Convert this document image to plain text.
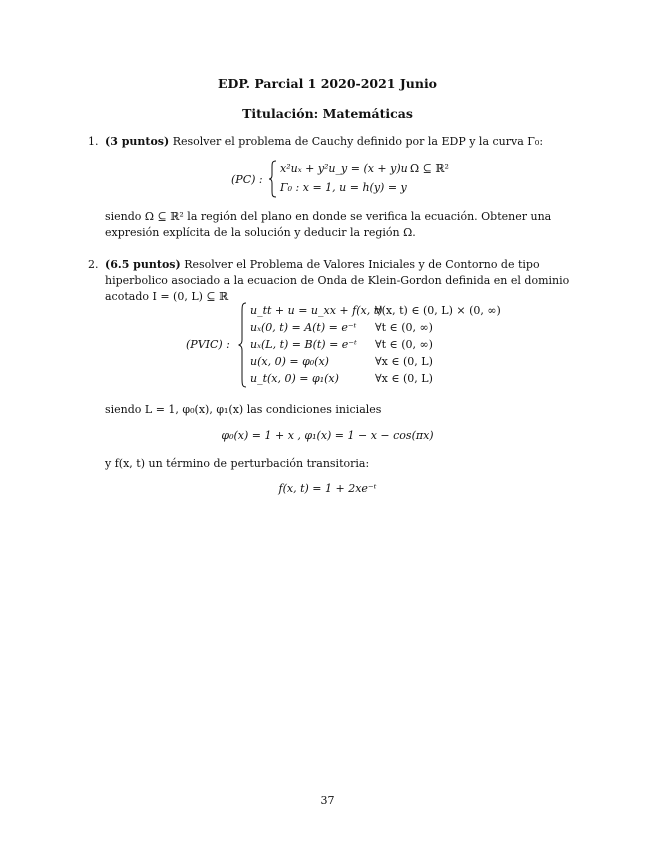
EDP. Parcial 1 2020-2021 Junio
Titulación: Matemáticas
1. (3 puntos) Resolver el problema de Cauchy definido por la EDP y la curva Γ₀:
(PC) :
x²uₓ + y²u_y = (x + y)u Ω ⊆ ℝ²
Γ₀ : x = 1, u = h(y) = y
siendo Ω ⊆ ℝ² la región del plano en donde se verifica la ecuación. Obtener una expresión explícita de la solución y deducir la región Ω.
2. (6.5 puntos) Resolver el Problema de Valores Iniciales y de Contorno de tipo hiperbolico asociado a la ecuacion de Onda de Klein-Gordon definida en el dominio acotado I = (0, L) ⊆ ℝ
(PVIC) :
u_tt + u = u_xx + f(x, t)
∀(x, t) ∈ (0, L) × (0, ∞)
uₓ(0, t) = A(t) = e⁻ᵗ ∀t ∈ (0, ∞)
uₓ(L, t) = B(t) = e⁻ᵗ ∀t ∈ (0, ∞)
u(x, 0) = φ₀(x)	∀x ∈ (0, L)
u_t(x, 0) = φ₁(x)	∀x ∈ (0, L)
siendo L = 1, φ₀(x), φ₁(x) las condiciones iniciales
φ₀(x) = 1 + x , φ₁(x) = 1 − x − cos(πx)
y f(x, t) un término de perturbación transitoria:
f(x, t) = 1 + 2xe⁻ᵗ
37
